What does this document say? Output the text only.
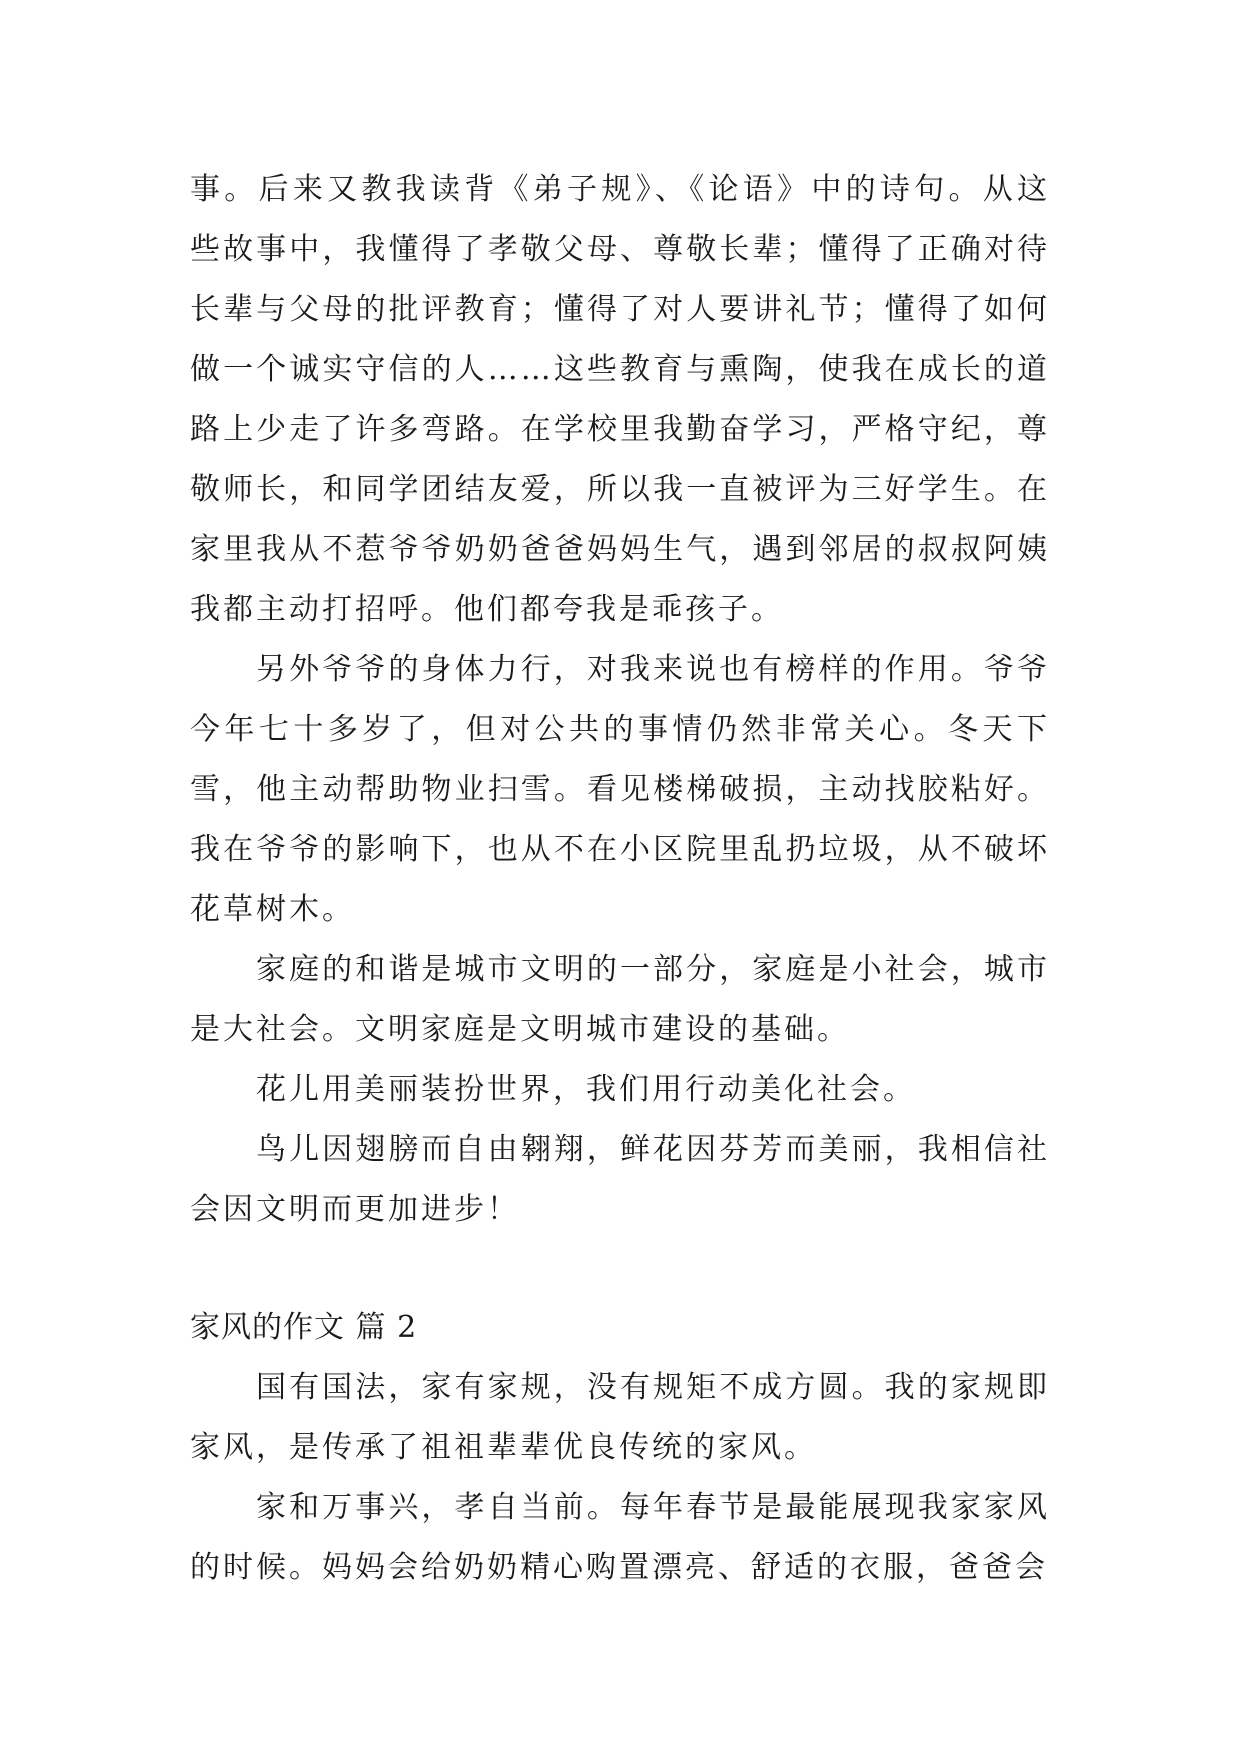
事。后来又教我读背《弟子规》、《论语》中的诗句。从这些故事中，我懂得了孝敬父母、尊敬长辈；懂得了正确对待长辈与父母的批评教育；懂得了对人要讲礼节；懂得了如何做一个诚实守信的人……这些教育与熏陶，使我在成长的道路上少走了许多弯路。在学校里我勤奋学习，严格守纪，尊敬师长，和同学团结友爱，所以我一直被评为三好学生。在家里我从不惹爷爷奶奶爸爸妈妈生气，遇到邻居的叔叔阿姨我都主动打招呼。他们都夸我是乖孩子。

另外爷爷的身体力行，对我来说也有榜样的作用。爷爷今年七十多岁了，但对公共的事情仍然非常关心。冬天下雪，他主动帮助物业扫雪。看见楼梯破损，主动找胶粘好。我在爷爷的影响下，也从不在小区院里乱扔垃圾，从不破坏花草树木。

家庭的和谐是城市文明的一部分，家庭是小社会，城市是大社会。文明家庭是文明城市建设的基础。

花儿用美丽装扮世界，我们用行动美化社会。

鸟儿因翅膀而自由翱翔，鲜花因芬芳而美丽，我相信社会因文明而更加进步！

家风的作文 篇 2

国有国法，家有家规，没有规矩不成方圆。我的家规即家风，是传承了祖祖辈辈优良传统的家风。

家和万事兴，孝自当前。每年春节是最能展现我家家风的时候。妈妈会给奶奶精心购置漂亮、舒适的衣服，爸爸会
